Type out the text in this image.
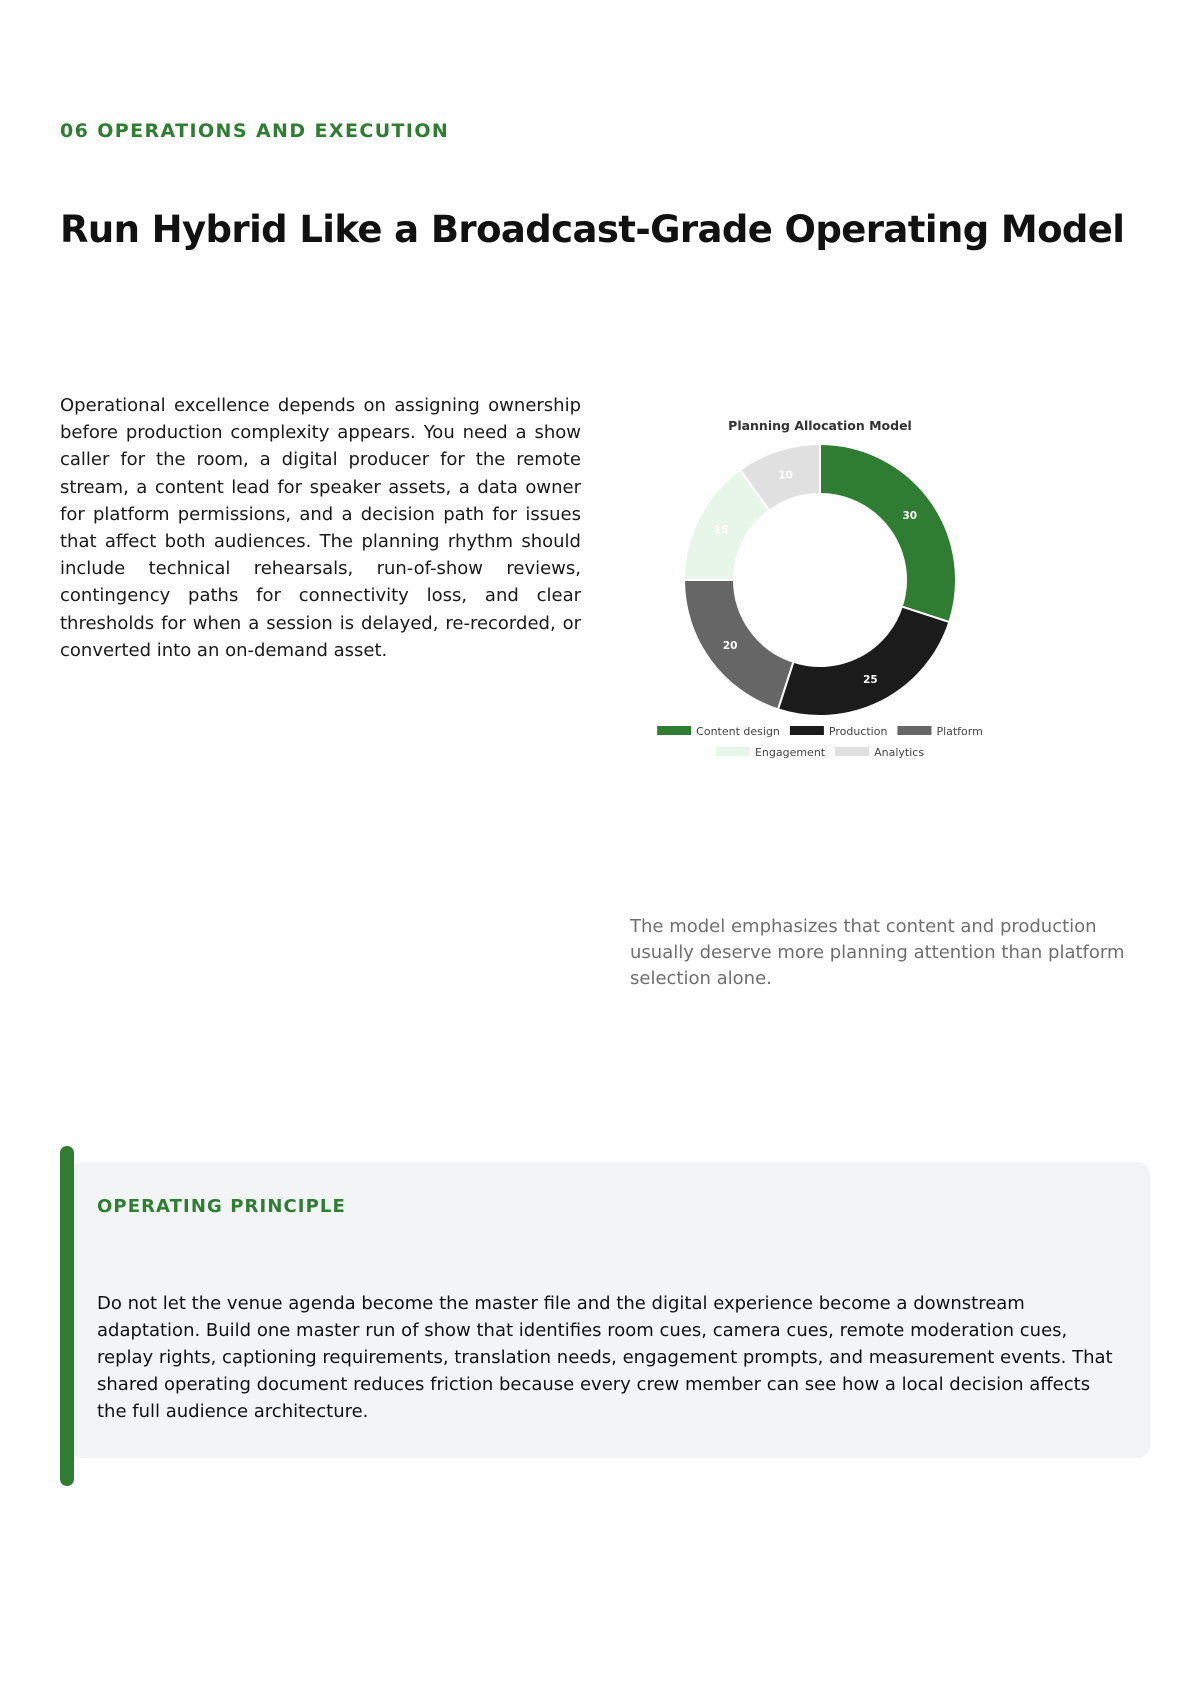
06 OPERATIONS AND EXECUTION
Run Hybrid Like a Broadcast-Grade Operating Model

Operational excellence depends on assigning ownership before production complexity appears. You need a show caller for the room, a digital producer for the remote stream, a content lead for speaker assets, a data owner for platform permissions, and a decision path for issues that affect both audiences. The planning rhythm should include technical rehearsals, run-of-show reviews, contingency paths for connectivity loss, and clear thresholds for when a session is delayed, re-recorded, or converted into an on-demand asset.

Planning Allocation Model
30
25
20
15
10
Content design	Production	Platform
Engagement	Analytics

The model emphasizes that content and production usually deserve more planning attention than platform selection alone.

OPERATING PRINCIPLE

Do not let the venue agenda become the master file and the digital experience become a downstream adaptation. Build one master run of show that identifies room cues, camera cues, remote moderation cues, replay rights, captioning requirements, translation needs, engagement prompts, and measurement events. That shared operating document reduces friction because every crew member can see how a local decision affects the full audience architecture.
